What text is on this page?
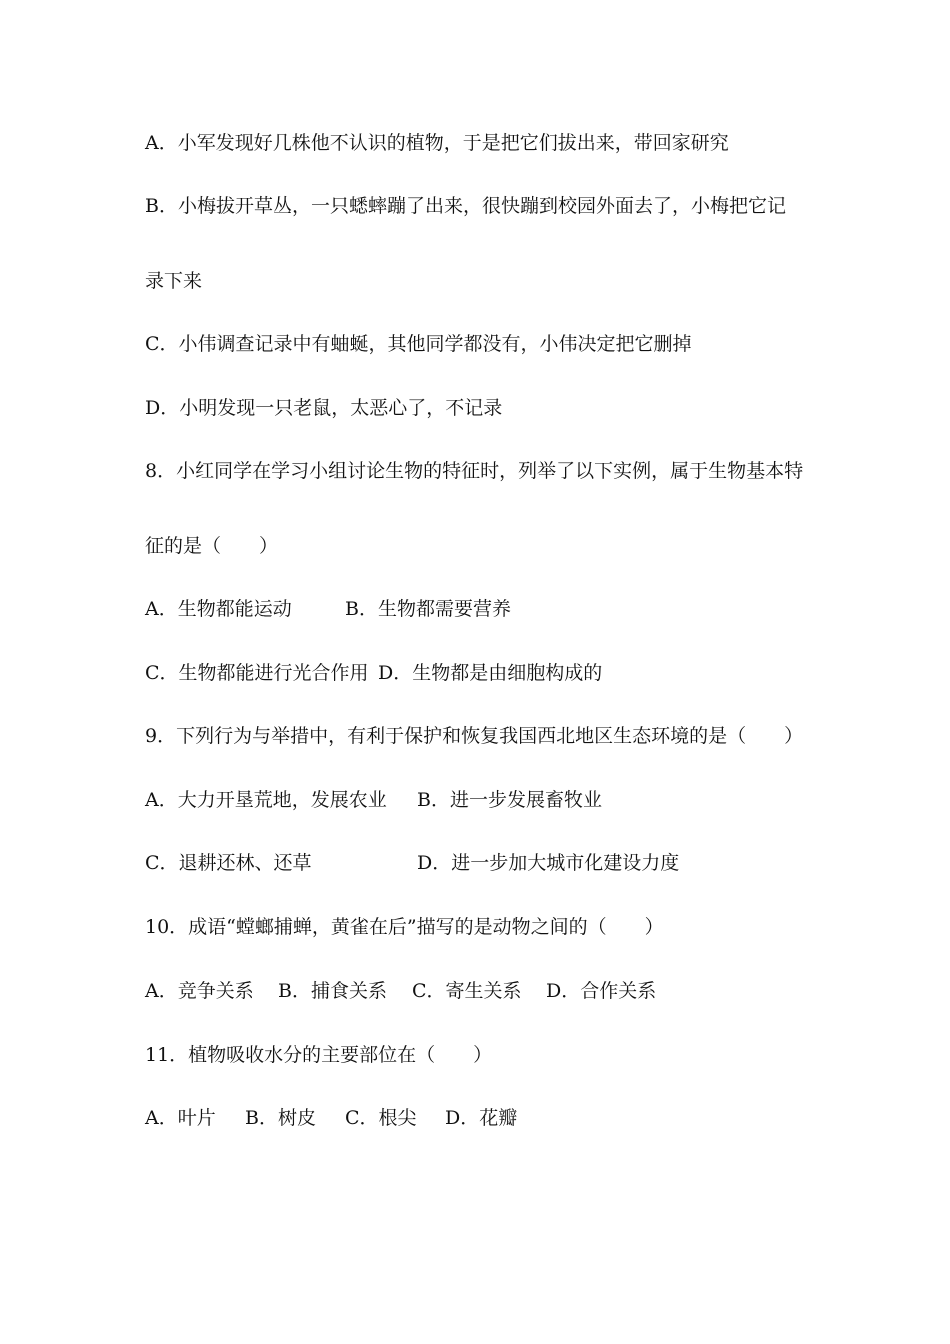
A．小军发现好几株他不认识的植物，于是把它们拔出来，带回家研究
B．小梅拔开草丛，一只蟋蟀蹦了出来，很快蹦到校园外面去了，小梅把它记
录下来
C．小伟调查记录中有蚰蜒，其他同学都没有，小伟决定把它删掉
D．小明发现一只老鼠，太恶心了，不记录
8．小红同学在学习小组讨论生物的特征时，列举了以下实例，属于生物基本特
征的是（　　）
A．生物都能运动	B．生物都需要营养
C．生物都能进行光合作用 D．生物都是由细胞构成的
9．下列行为与举措中，有利于保护和恢复我国西北地区生态环境的是（　　）
A．大力开垦荒地，发展农业 B．进一步发展畜牧业
C．退耕还林、还草	D．进一步加大城市化建设力度
10．成语“螳螂捕蝉，黄雀在后”描写的是动物之间的（　　）
A．竞争关系 B．捕食关系 C．寄生关系 D．合作关系
11．植物吸收水分的主要部位在（　　）
A．叶片 B．树皮 C．根尖 D．花瓣
